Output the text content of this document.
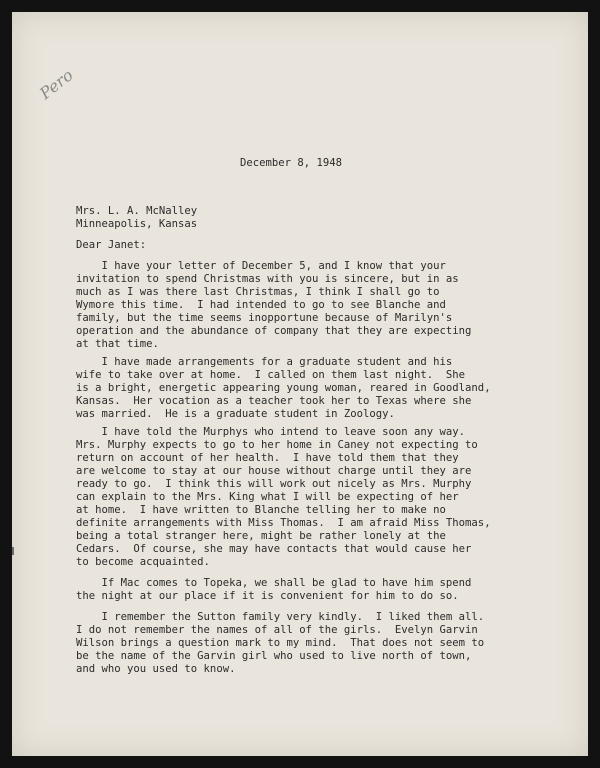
Pero
December 8, 1948
Mrs. L. A. McNalley
Minneapolis, Kansas
Dear Janet:
I have your letter of December 5, and I know that your
invitation to spend Christmas with you is sincere, but in as
much as I was there last Christmas, I think I shall go to
Wymore this time.  I had intended to go to see Blanche and
family, but the time seems inopportune because of Marilyn's
operation and the abundance of company that they are expecting
at that time.
I have made arrangements for a graduate student and his
wife to take over at home.  I called on them last night.  She
is a bright, energetic appearing young woman, reared in Goodland,
Kansas.  Her vocation as a teacher took her to Texas where she
was married.  He is a graduate student in Zoology.
I have told the Murphys who intend to leave soon any way.
Mrs. Murphy expects to go to her home in Caney not expecting to
return on account of her health.  I have told them that they
are welcome to stay at our house without charge until they are
ready to go.  I think this will work out nicely as Mrs. Murphy
can explain to the Mrs. King what I will be expecting of her
at home.  I have written to Blanche telling her to make no
definite arrangements with Miss Thomas.  I am afraid Miss Thomas,
being a total stranger here, might be rather lonely at the
Cedars.  Of course, she may have contacts that would cause her
to become acquainted.
If Mac comes to Topeka, we shall be glad to have him spend
the night at our place if it is convenient for him to do so.
I remember the Sutton family very kindly.  I liked them all.
I do not remember the names of all of the girls.  Evelyn Garvin
Wilson brings a question mark to my mind.  That does not seem to
be the name of the Garvin girl who used to live north of town,
and who you used to know.
